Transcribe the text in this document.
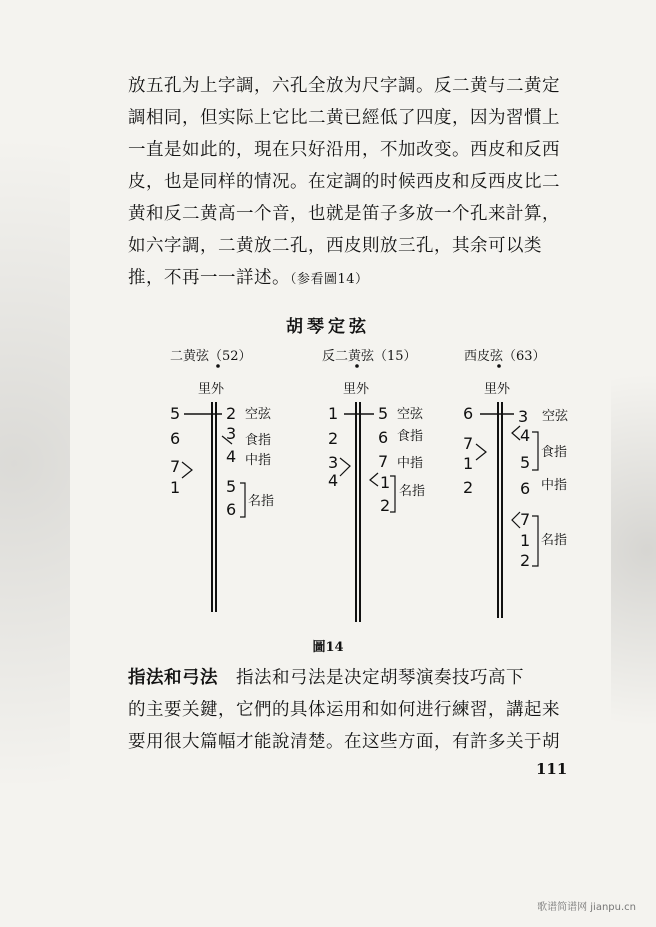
放五孔为上字調，六孔全放为尺字調。反二黄与二黄定
調相同，但实际上它比二黄已經低了四度，因为習慣上
一直是如此的，現在只好沿用，不加改变。西皮和反西
皮，也是同样的情况。在定調的时候西皮和反西皮比二
黄和反二黄高一个音，也就是笛子多放一个孔来計算，
如六字調，二黄放二孔，西皮則放三孔，其余可以类
推，不再一一詳述。（参看圖14）
胡琴定弦
二黄弦（52）	反二黄弦（15）	西皮弦（63）
里外
5
6
7
1
2
3
4
5
6
空弦
食指
中指
名指
里外
1
2
3
4
5
6
7
1
2
空弦
食指
中指
名指
里外
6
7
1
2
3
4
5
6
7
1
2
空弦
食指
中指
名指
圖14
指法和弓法 指法和弓法是决定胡琴演奏技巧高下
的主要关鍵，它們的具体运用和如何进行練習，講起来
要用很大篇幅才能說清楚。在这些方面，有許多关于胡
111
歌谱简谱网 jianpu.cn
